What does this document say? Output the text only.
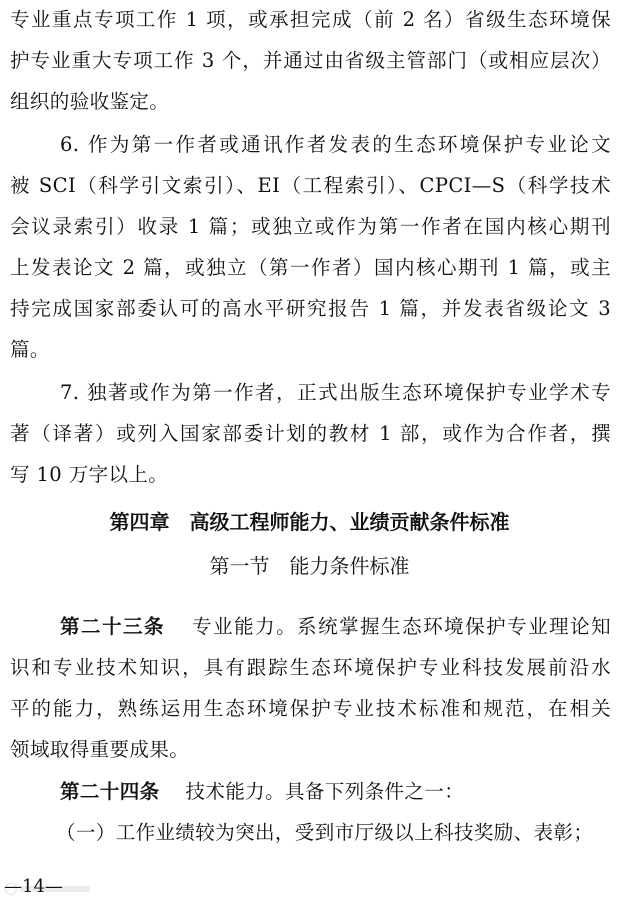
专业重点专项工作 1 项，或承担完成（前 2 名）省级生态环境保
护专业重大专项工作 3 个，并通过由省级主管部门（或相应层次）
组织的验收鉴定。
6. 作为第一作者或通讯作者发表的生态环境保护专业论文
被 SCI（科学引文索引）、EI（工程索引）、CPCI—S（科学技术
会议录索引）收录 1 篇；或独立或作为第一作者在国内核心期刊
上发表论文 2 篇，或独立（第一作者）国内核心期刊 1 篇，或主
持完成国家部委认可的高水平研究报告 1 篇，并发表省级论文 3
篇。
7. 独著或作为第一作者，正式出版生态环境保护专业学术专
著（译著）或列入国家部委计划的教材 1 部，或作为合作者，撰
写 10 万字以上。
第四章　高级工程师能力、业绩贡献条件标准
第一节　能力条件标准
第二十三条 专业能力。系统掌握生态环境保护专业理论知
识和专业技术知识，具有跟踪生态环境保护专业科技发展前沿水
平的能力，熟练运用生态环境保护专业技术标准和规范，在相关
领域取得重要成果。
第二十四条 技术能力。具备下列条件之一：
（一）工作业绩较为突出，受到市厅级以上科技奖励、表彰；
—14—
